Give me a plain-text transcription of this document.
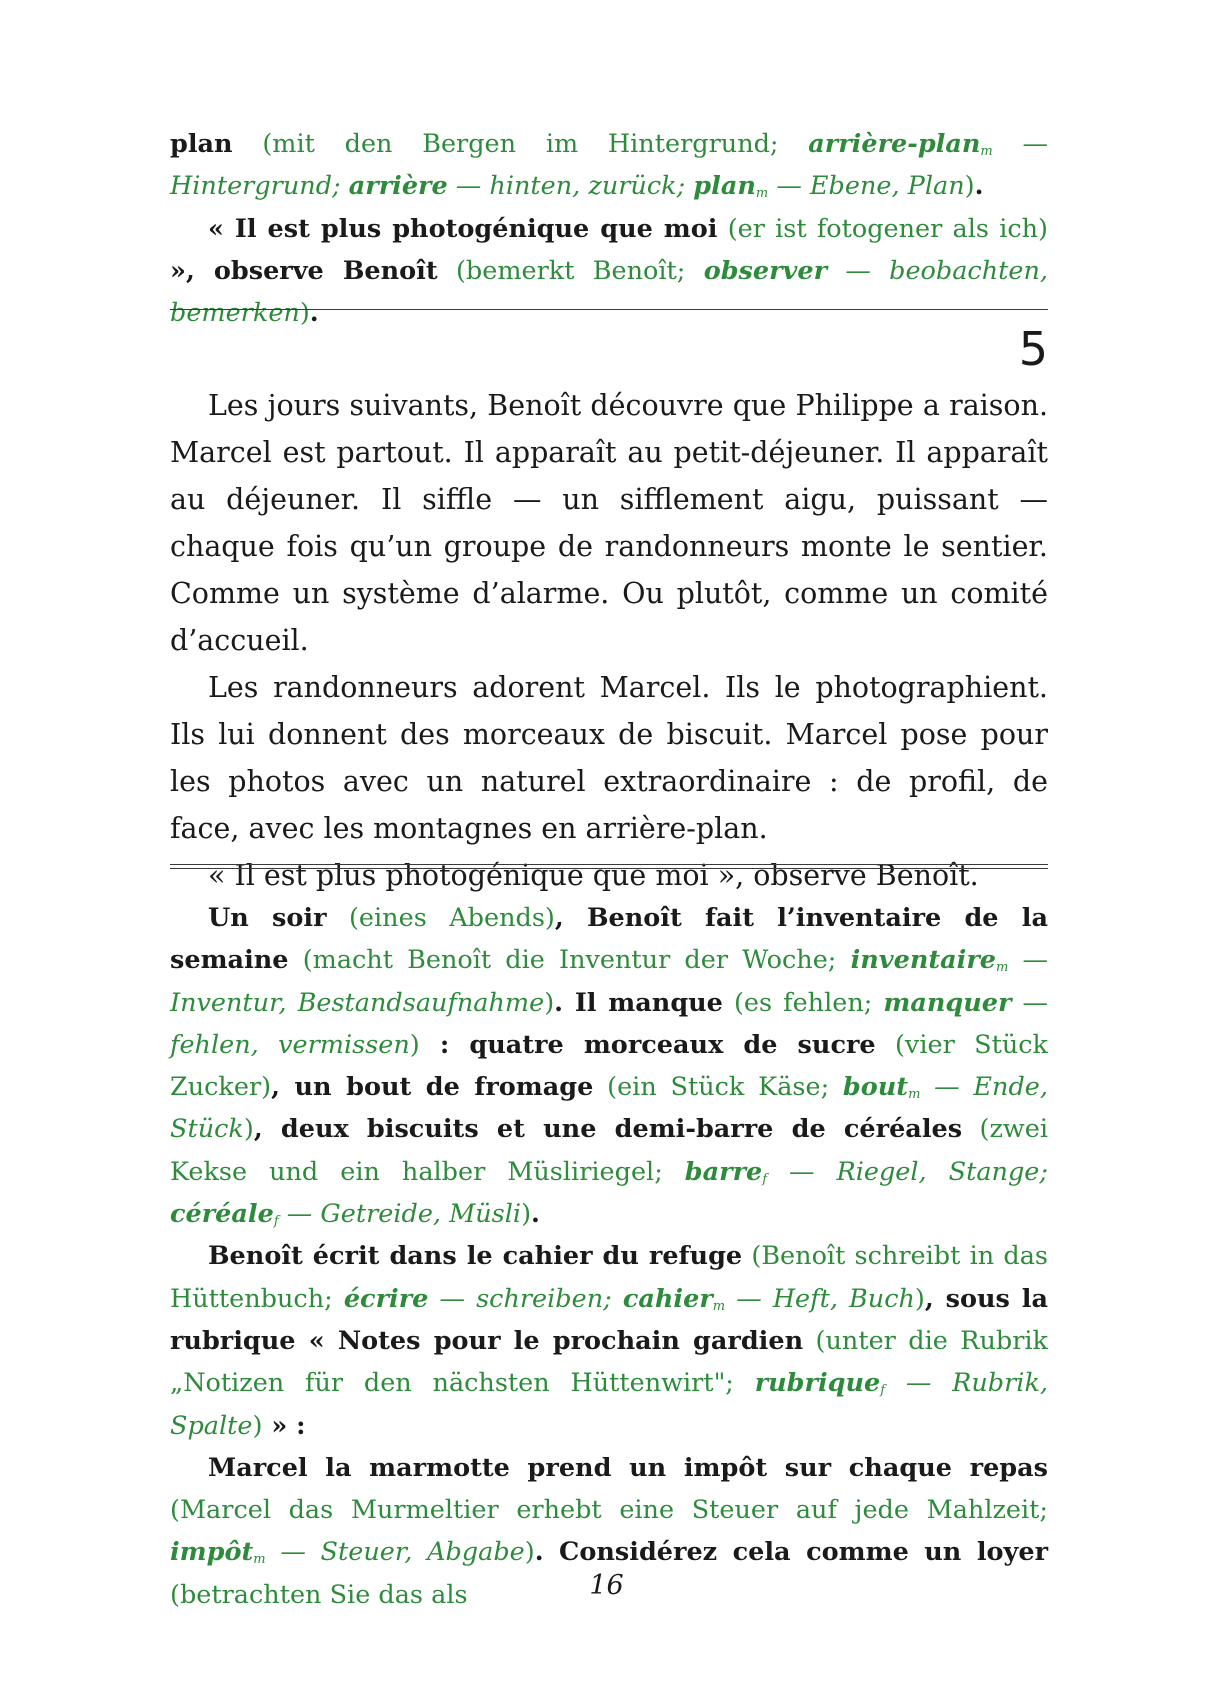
plan (mit den Bergen im Hintergrund; arrière-plan$_m$ — Hintergrund; arrière — hinten, zurück; plan$_m$ — Ebene, Plan).

« Il est plus photogénique que moi (er ist fotogener als ich) », observe Benoît (bemerkt Benoît; observer — beobachten, bemerken).

5

Les jours suivants, Benoît découvre que Philippe a raison. Marcel est partout. Il apparaît au petit-déjeuner. Il apparaît au déjeuner. Il siffle — un sifflement aigu, puissant — chaque fois qu’un groupe de randonneurs monte le sentier. Comme un système d’alarme. Ou plutôt, comme un comité d’accueil.

Les randonneurs adorent Marcel. Ils le photographient. Ils lui donnent des morceaux de biscuit. Marcel pose pour les photos avec un naturel extraordinaire : de profil, de face, avec les montagnes en arrière-plan.

« Il est plus photogénique que moi », observe Benoît.

Un soir (eines Abends), Benoît fait l’inventaire de la semaine (macht Benoît die Inventur der Woche; inventaire$_m$ — Inventur, Bestandsaufnahme). Il manque (es fehlen; manquer — fehlen, vermissen) : quatre morceaux de sucre (vier Stück Zucker), un bout de fromage (ein Stück Käse; bout$_m$ — Ende, Stück), deux biscuits et une demi-barre de céréales (zwei Kekse und ein halber Müsliriegel; barre$_f$ — Riegel, Stange; céréale$_f$ — Getreide, Müsli).

Benoît écrit dans le cahier du refuge (Benoît schreibt in das Hüttenbuch; écrire — schreiben; cahier$_m$ — Heft, Buch), sous la rubrique « Notes pour le prochain gardien (unter die Rubrik „Notizen für den nächsten Hüttenwirt"; rubrique$_f$ — Rubrik, Spalte) » :

Marcel la marmotte prend un impôt sur chaque repas (Marcel das Murmeltier erhebt eine Steuer auf jede Mahlzeit; impôt$_m$ — Steuer, Abgabe). Considérez cela comme un loyer (betrachten Sie das als	16
